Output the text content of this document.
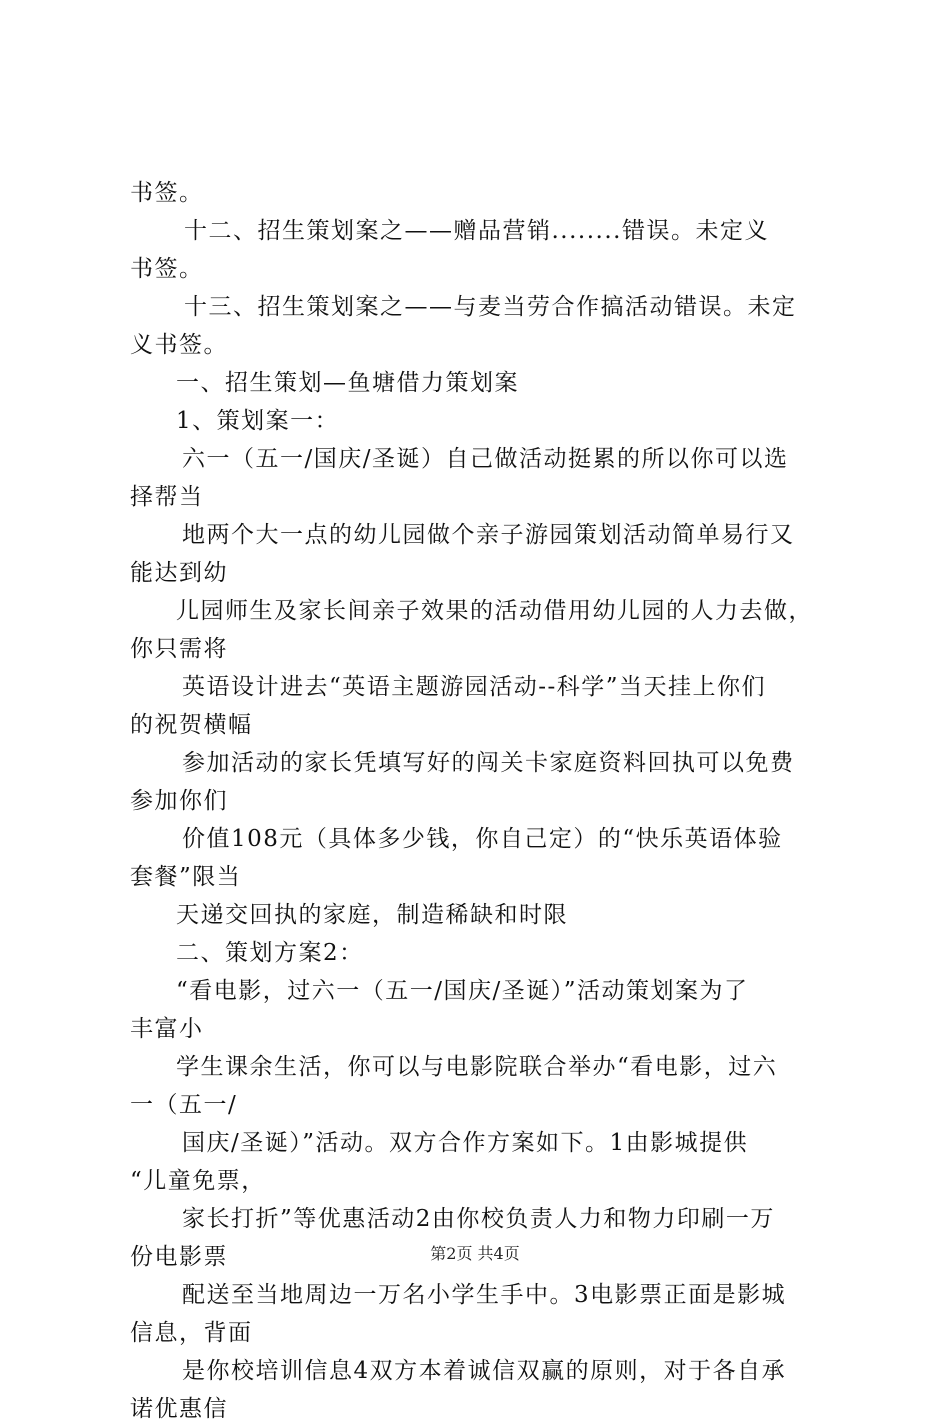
书签。
十二、招生策划案之——赠品营销........错误。未定义
书签。
十三、招生策划案之——与麦当劳合作搞活动错误。未定
义书签。
一、招生策划—鱼塘借力策划案
1、策划案一：
六一（五一/国庆/圣诞）自己做活动挺累的所以你可以选
择帮当
地两个大一点的幼儿园做个亲子游园策划活动简单易行又
能达到幼
儿园师生及家长间亲子效果的活动借用幼儿园的人力去做，
你只需将
英语设计进去“英语主题游园活动--科学”当天挂上你们
的祝贺横幅
参加活动的家长凭填写好的闯关卡家庭资料回执可以免费
参加你们
价值108元（具体多少钱，你自己定）的“快乐英语体验
套餐”限当
天递交回执的家庭，制造稀缺和时限
二、策划方案2：
“看电影，过六一（五一/国庆/圣诞）”活动策划案为了
丰富小
学生课余生活，你可以与电影院联合举办“看电影，过六
一（五一/
国庆/圣诞）”活动。双方合作方案如下。1由影城提供
“儿童免票，
家长打折”等优惠活动2由你校负责人力和物力印刷一万
份电影票
配送至当地周边一万名小学生手中。3电影票正面是影城
信息，背面
是你校培训信息4双方本着诚信双赢的原则，对于各自承
诺优惠信
第2页 共4页
